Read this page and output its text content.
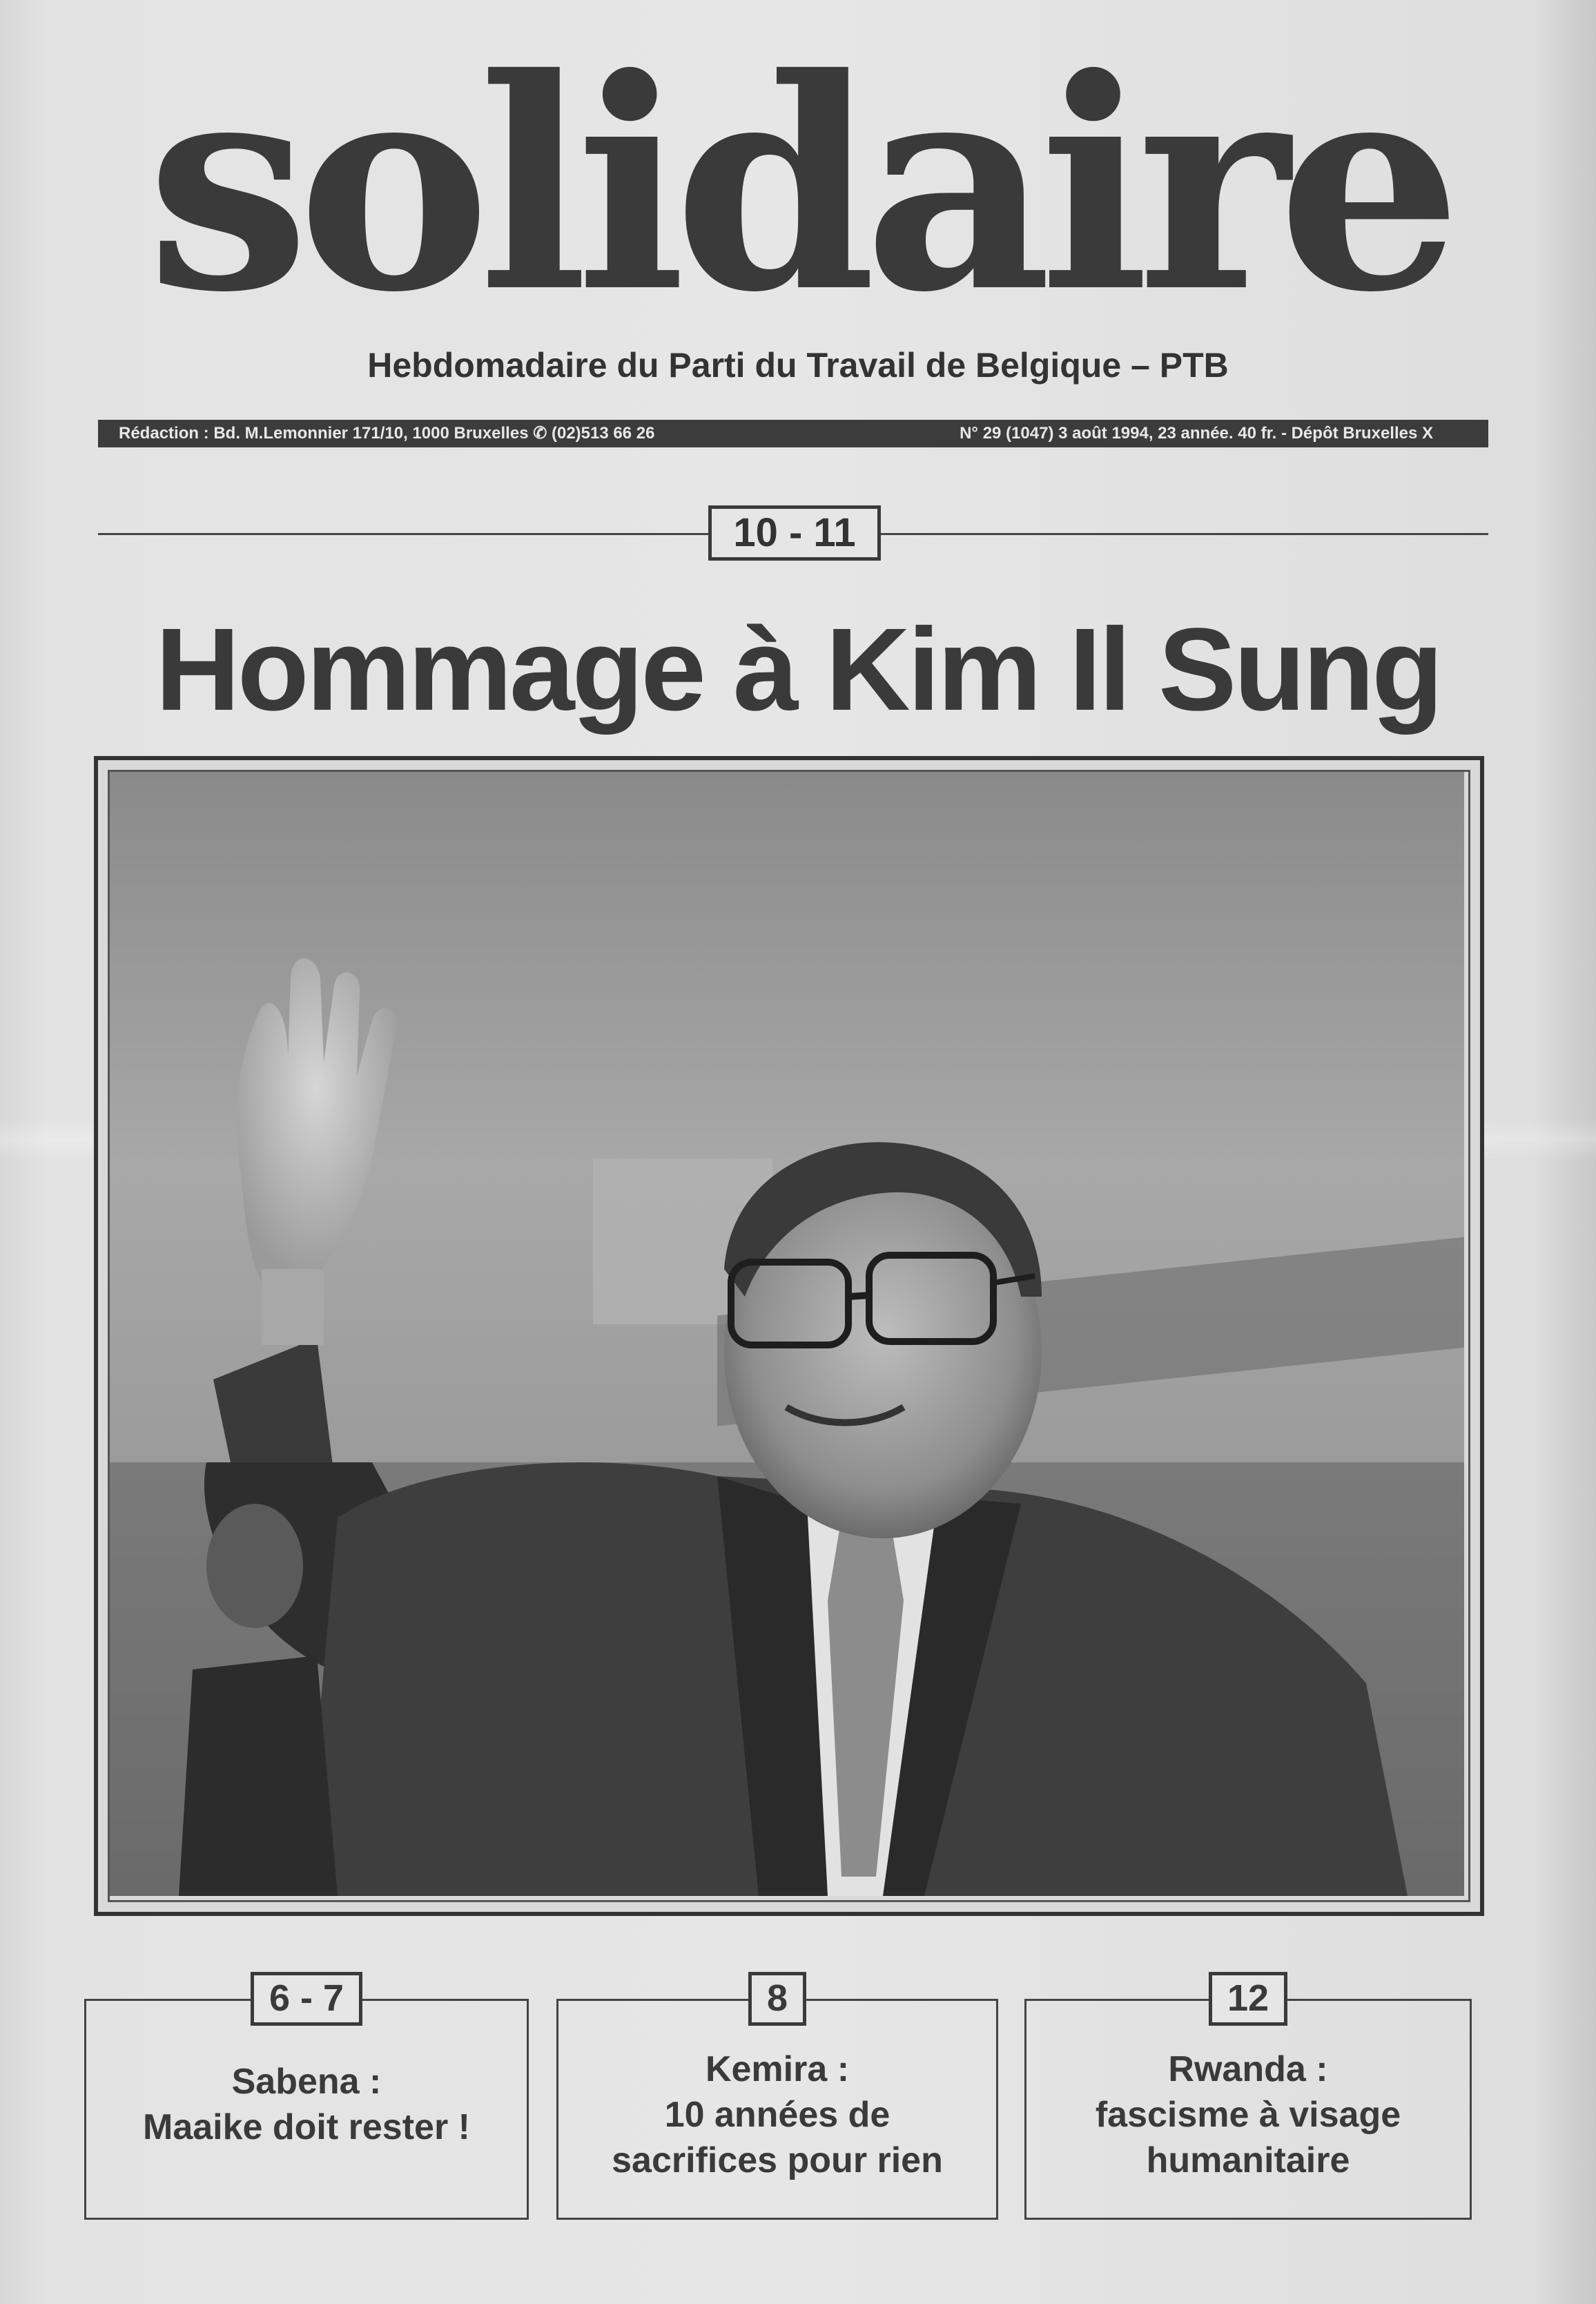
solidaire
Hebdomadaire du Parti du Travail de Belgique – PTB
Rédaction : Bd. M.Lemonnier 171/10, 1000 Bruxelles ✆ (02)513 66 26	N° 29 (1047) 3 août 1994, 23 année. 40 fr. - Dépôt Bruxelles X
10 - 11
Hommage à Kim Il Sung
6 - 7
Sabena :
Maaike doit rester !
8
Kemira :
10 années de
sacrifices pour rien
12
Rwanda :
fascisme à visage
humanitaire
